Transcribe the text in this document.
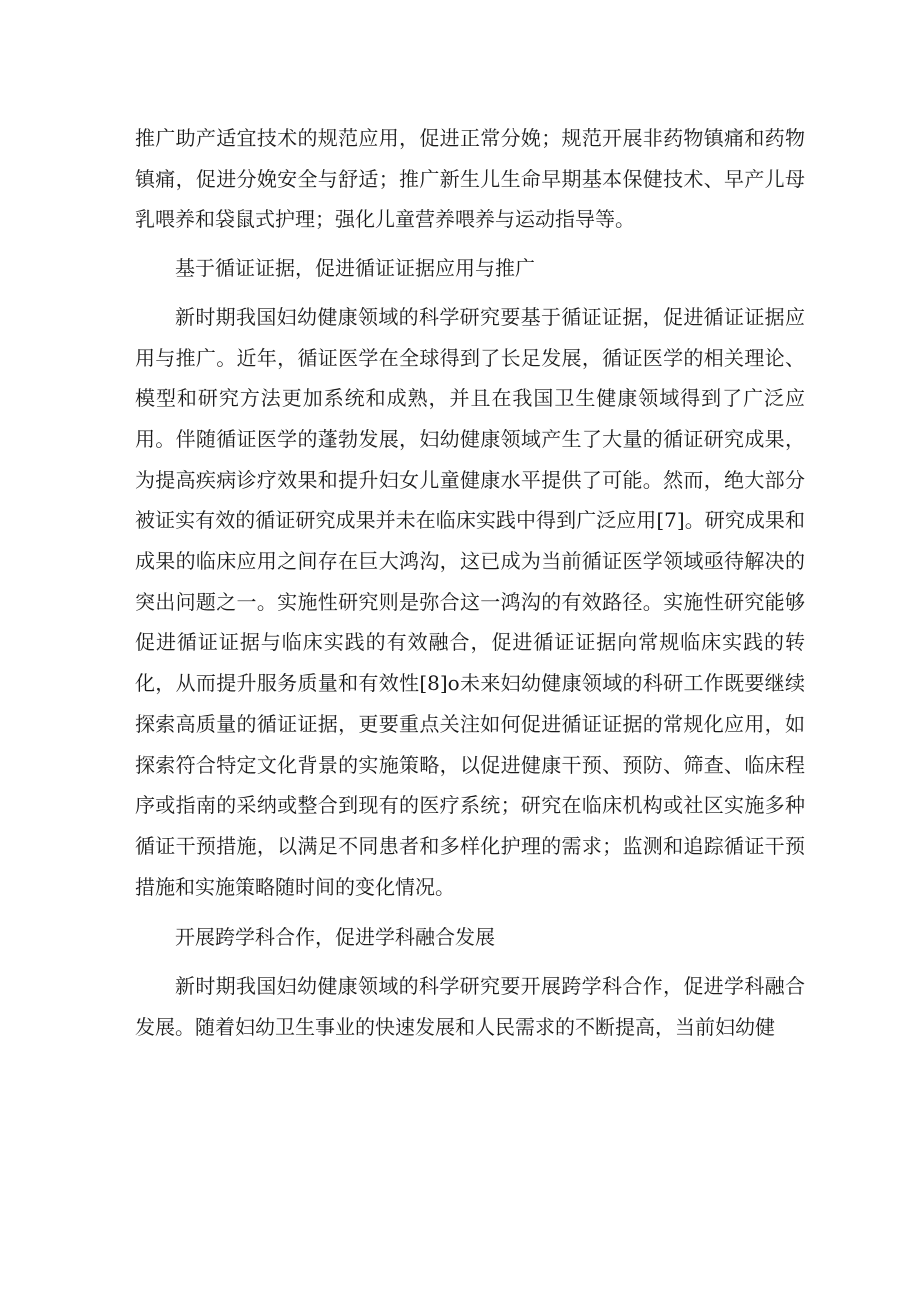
推广助产适宜技术的规范应用，促进正常分娩；规范开展非药物镇痛和药物镇痛，促进分娩安全与舒适；推广新生儿生命早期基本保健技术、早产儿母乳喂养和袋鼠式护理；强化儿童营养喂养与运动指导等。

基于循证证据，促进循证证据应用与推广

新时期我国妇幼健康领域的科学研究要基于循证证据，促进循证证据应用与推广。近年，循证医学在全球得到了长足发展，循证医学的相关理论、模型和研究方法更加系统和成熟，并且在我国卫生健康领域得到了广泛应用。伴随循证医学的蓬勃发展，妇幼健康领域产生了大量的循证研究成果，为提高疾病诊疗效果和提升妇女儿童健康水平提供了可能。然而，绝大部分被证实有效的循证研究成果并未在临床实践中得到广泛应用[7]。研究成果和成果的临床应用之间存在巨大鸿沟，这已成为当前循证医学领域亟待解决的突出问题之一。实施性研究则是弥合这一鸿沟的有效路径。实施性研究能够促进循证证据与临床实践的有效融合，促进循证证据向常规临床实践的转化，从而提升服务质量和有效性[8]o未来妇幼健康领域的科研工作既要继续探索高质量的循证证据，更要重点关注如何促进循证证据的常规化应用，如探索符合特定文化背景的实施策略，以促进健康干预、预防、筛查、临床程序或指南的采纳或整合到现有的医疗系统；研究在临床机构或社区实施多种循证干预措施，以满足不同患者和多样化护理的需求；监测和追踪循证干预措施和实施策略随时间的变化情况。

开展跨学科合作，促进学科融合发展

新时期我国妇幼健康领域的科学研究要开展跨学科合作，促进学科融合发展。随着妇幼卫生事业的快速发展和人民需求的不断提高，当前妇幼健
